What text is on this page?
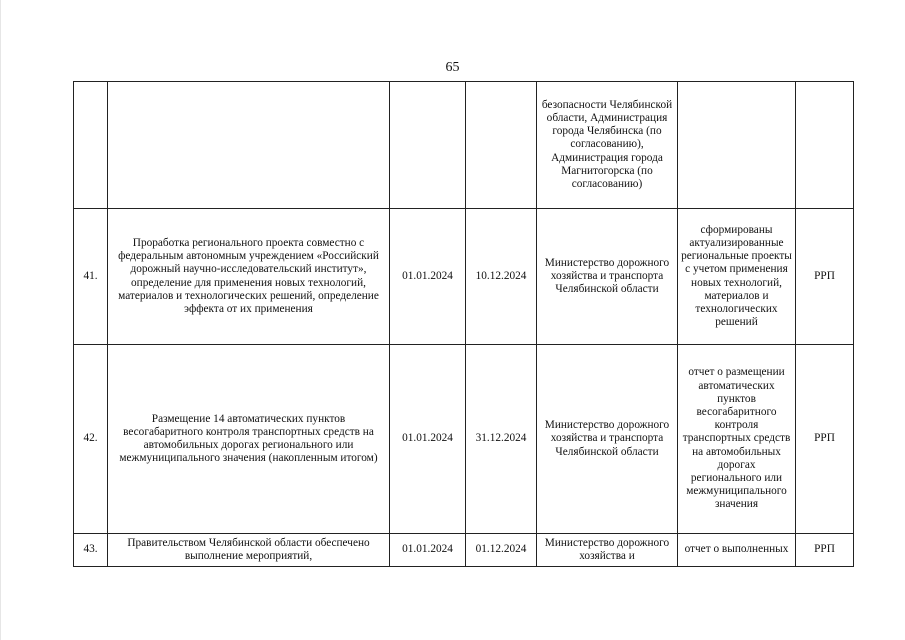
65
				безопасности Челябинской области, Администрация города Челябинска (по согласованию), Администрация города Магнитогорска (по согласованию)		
41.	Проработка регионального проекта совместно с федеральным автономным учреждением «Российский дорожный научно-исследовательский институт», определение для применения новых технологий, материалов и технологических решений, определение эффекта от их применения	01.01.2024	10.12.2024	Министерство дорожного хозяйства и транспорта Челябинской области	сформированы актуализированные региональные проекты с учетом применения новых технологий, материалов и технологических решений	РРП
42.	Размещение 14 автоматических пунктов весогабаритного контроля транспортных средств на автомобильных дорогах регионального или межмуниципального значения (накопленным итогом)	01.01.2024	31.12.2024	Министерство дорожного хозяйства и транспорта Челябинской области	отчет о размещении автоматических пунктов весогабаритного контроля транспортных средств на автомобильных дорогах регионального или межмуниципального значения	РРП
43.	Правительством Челябинской области обеспечено выполнение мероприятий,	01.01.2024	01.12.2024	Министерство дорожного хозяйства и	отчет о выполненных	РРП
